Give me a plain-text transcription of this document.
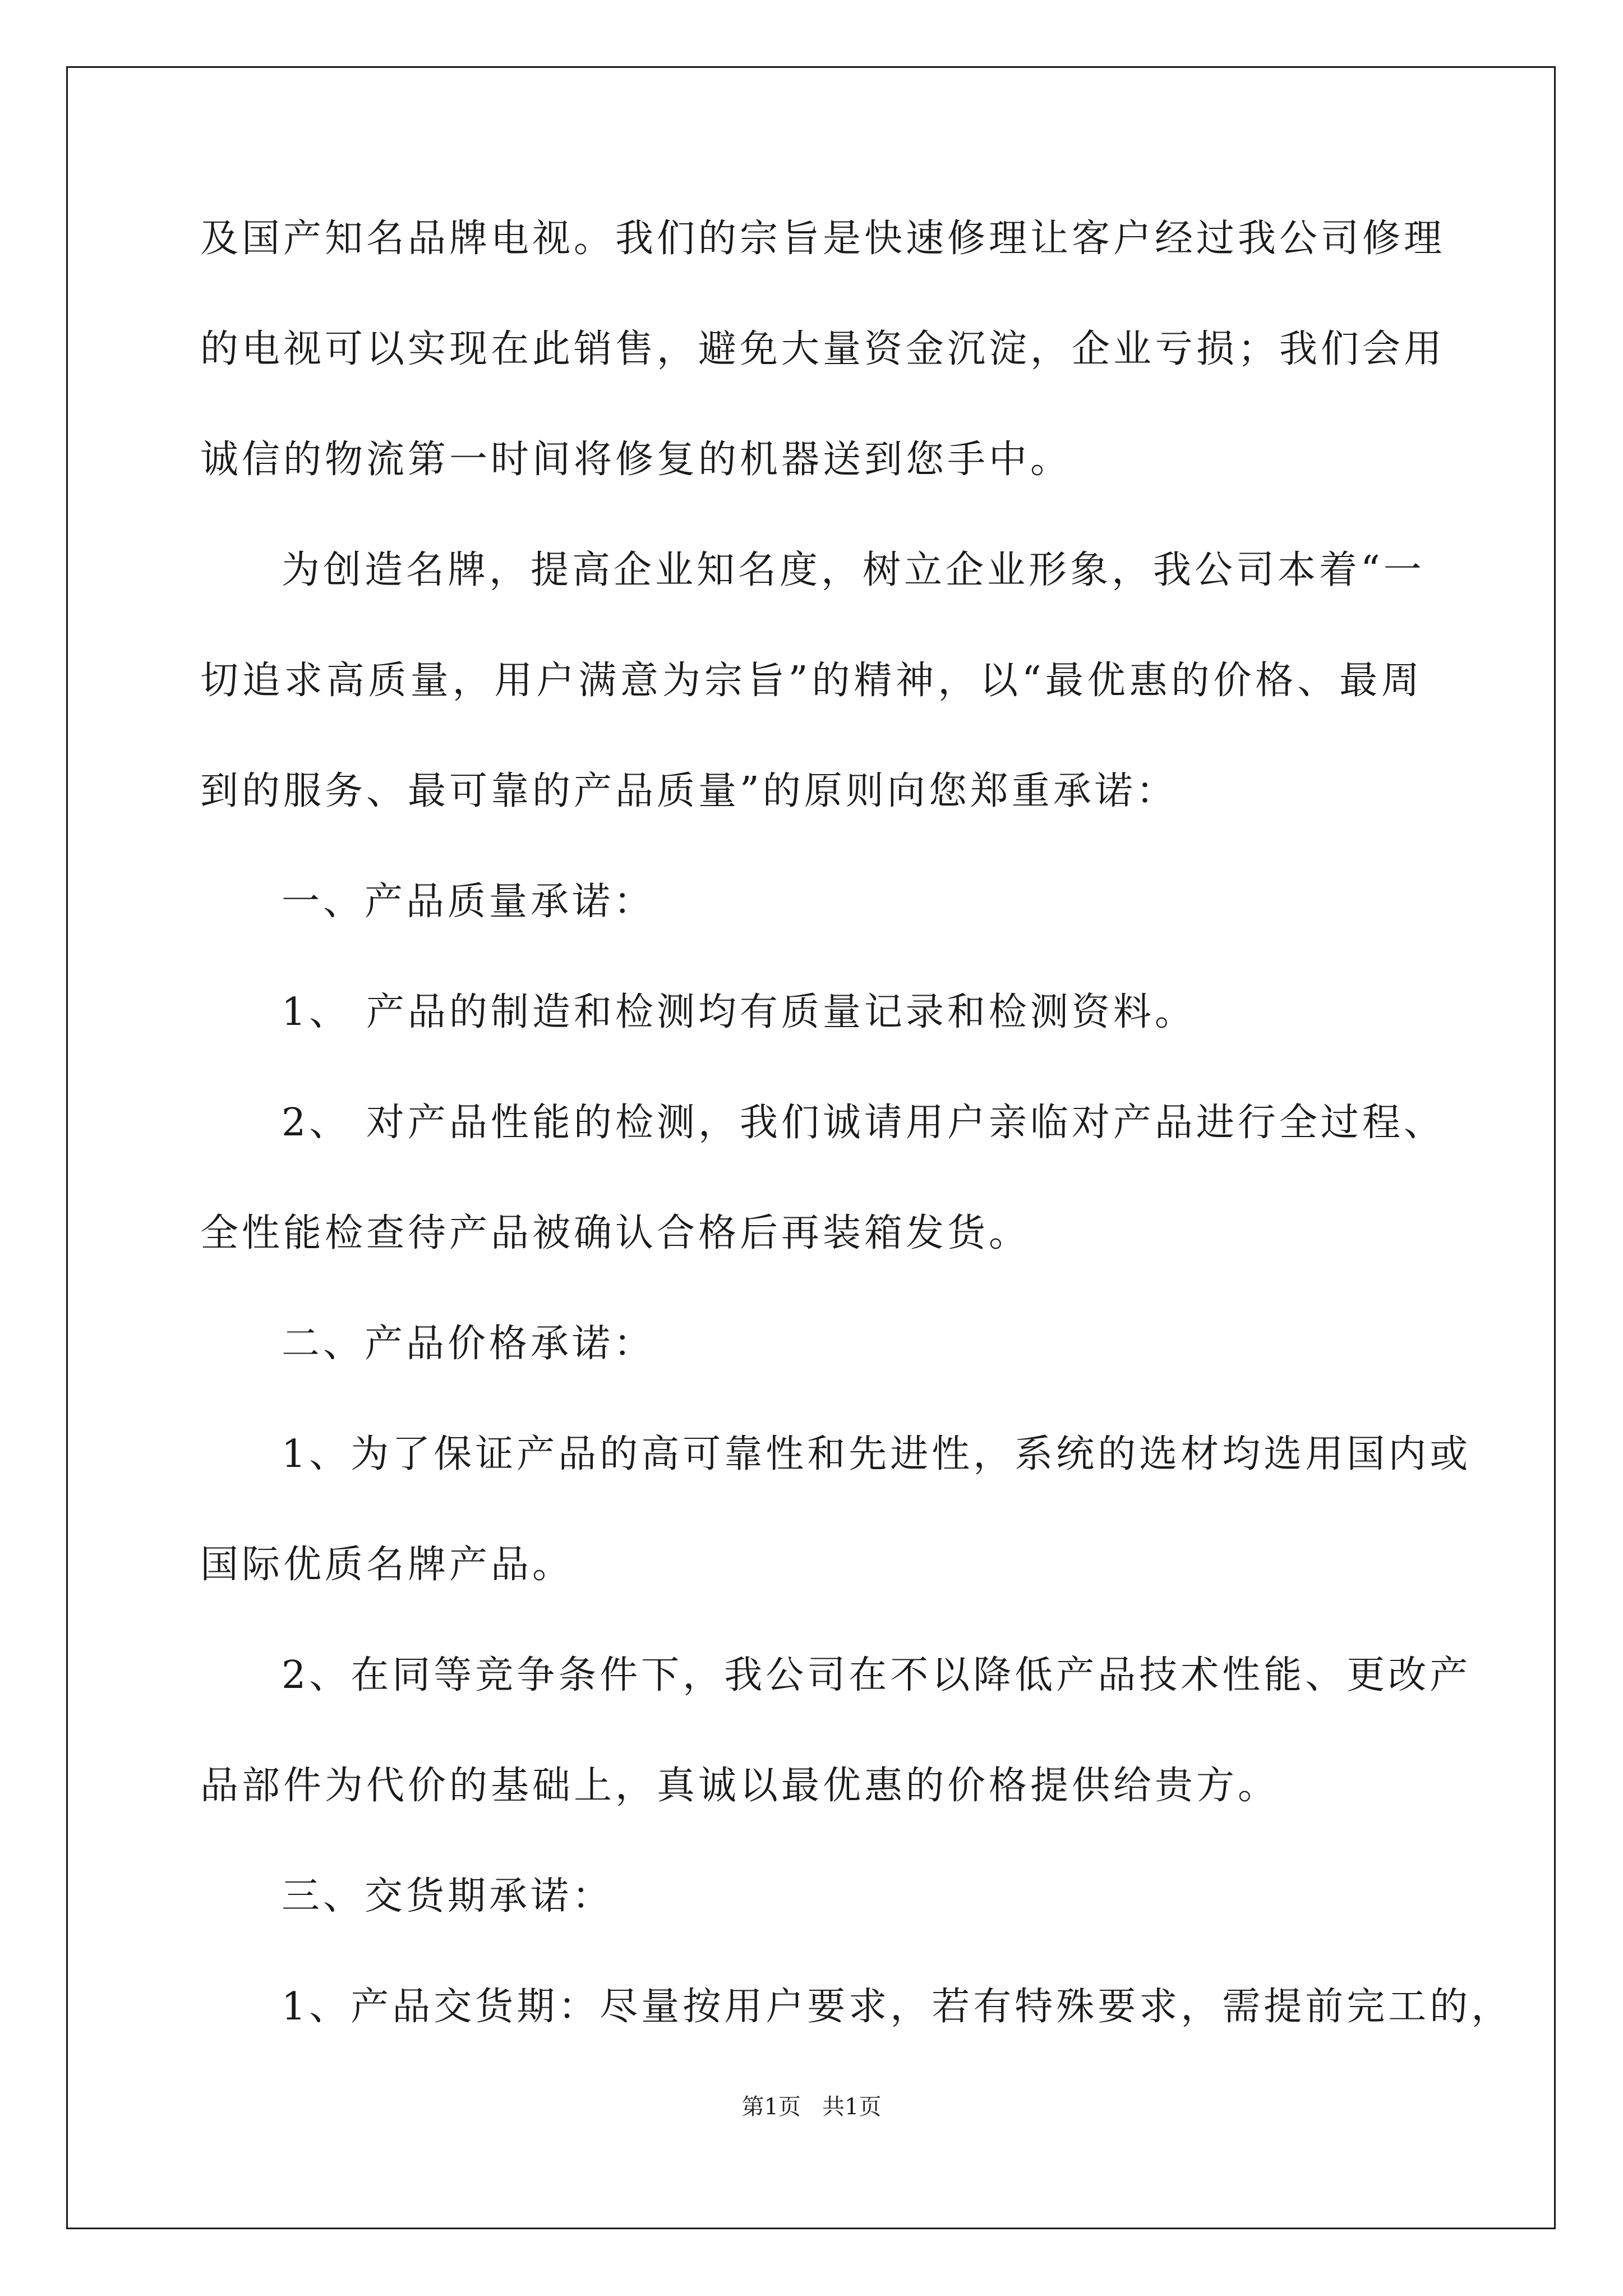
及国产知名品牌电视。我们的宗旨是快速修理让客户经过我公司修理
的电视可以实现在此销售，避免大量资金沉淀，企业亏损；我们会用
诚信的物流第一时间将修复的机器送到您手中。
为创造名牌，提高企业知名度，树立企业形象，我公司本着“一
切追求高质量，用户满意为宗旨”的精神，以“最优惠的价格、最周
到的服务、最可靠的产品质量”的原则向您郑重承诺：
一、产品质量承诺：
1、 产品的制造和检测均有质量记录和检测资料。
2、 对产品性能的检测，我们诚请用户亲临对产品进行全过程、
全性能检查待产品被确认合格后再装箱发货。
二、产品价格承诺：
1、为了保证产品的高可靠性和先进性，系统的选材均选用国内或
国际优质名牌产品。
2、在同等竞争条件下，我公司在不以降低产品技术性能、更改产
品部件为代价的基础上，真诚以最优惠的价格提供给贵方。
三、交货期承诺：
1、产品交货期：尽量按用户要求，若有特殊要求，需提前完工的，
第1页   共1页
